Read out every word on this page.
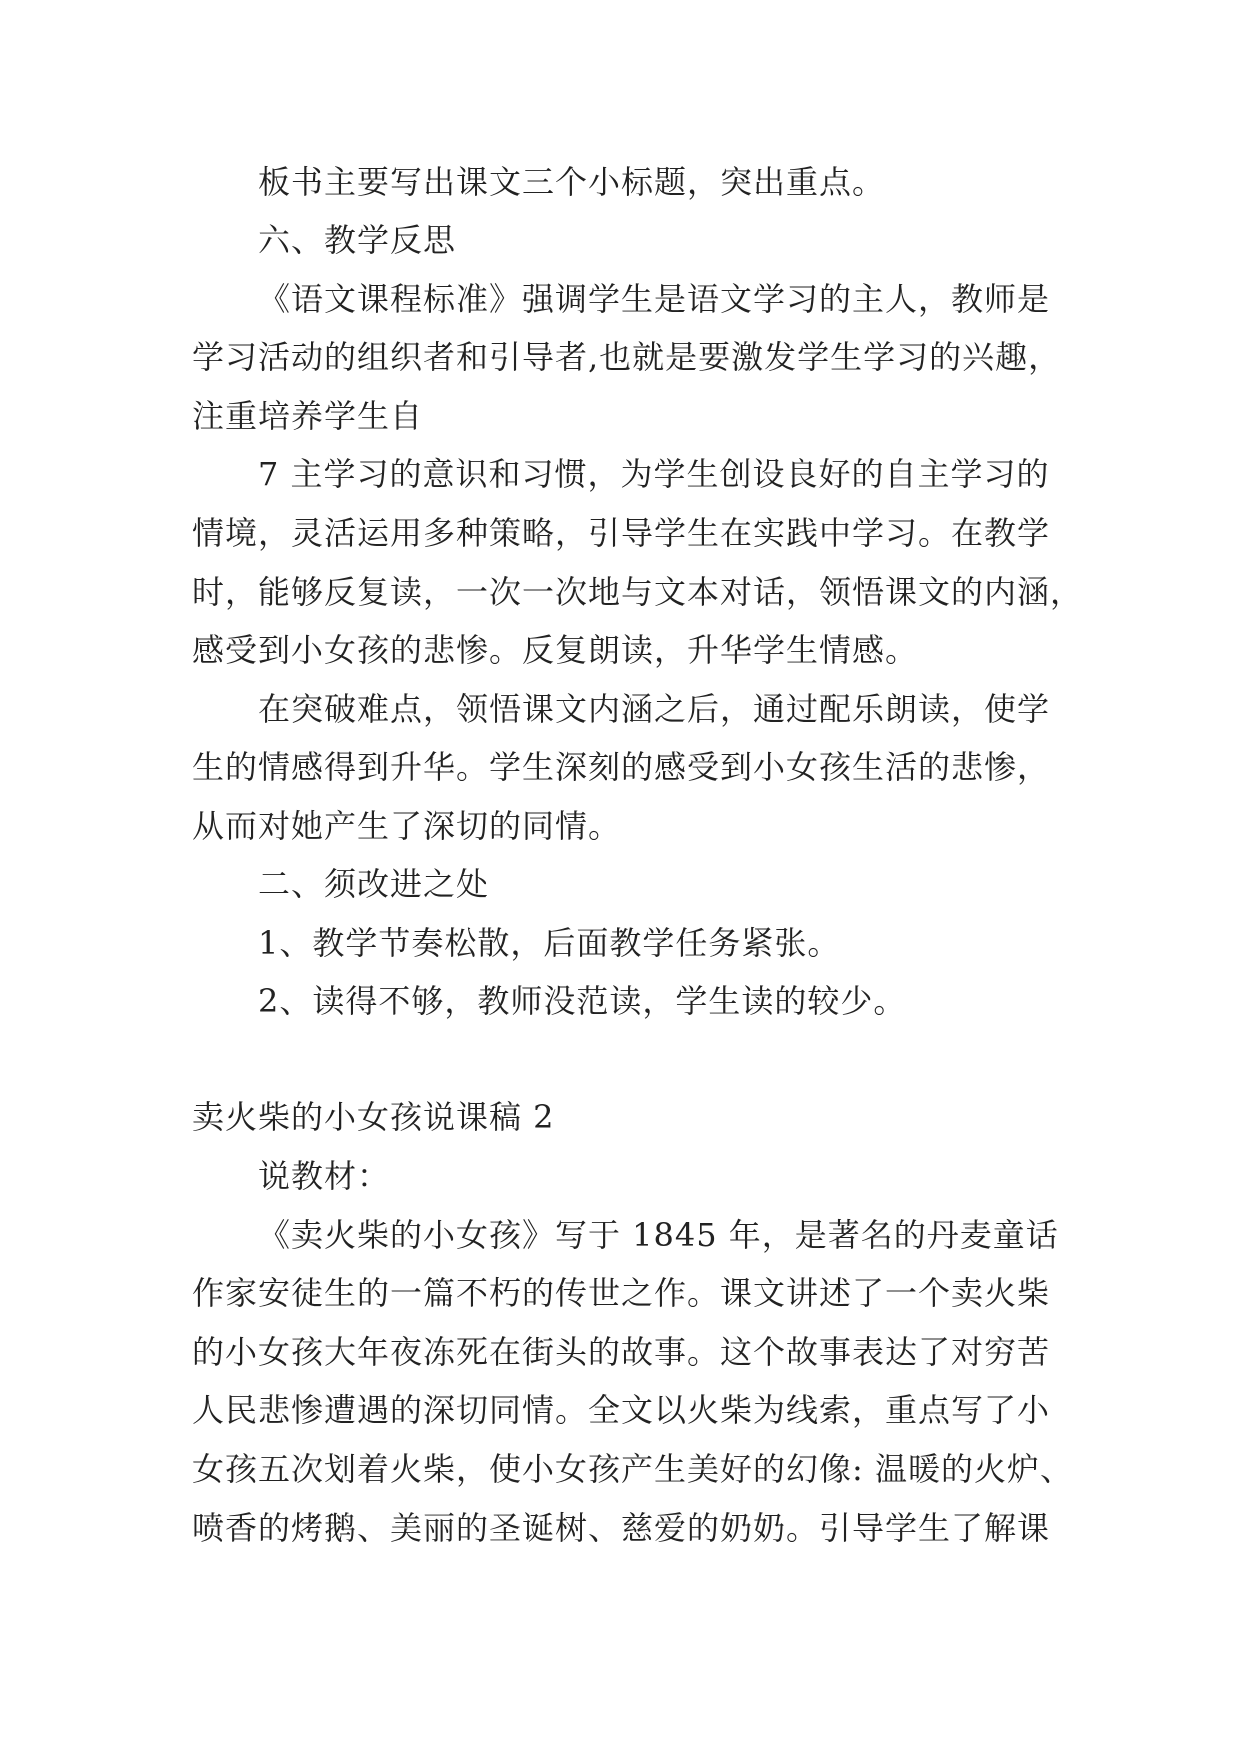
板书主要写出课文三个小标题，突出重点。
六、教学反思
《语文课程标准》强调学生是语文学习的主人，教师是
学习活动的组织者和引导者,也就是要激发学生学习的兴趣，
注重培养学生自
7 主学习的意识和习惯，为学生创设良好的自主学习的
情境，灵活运用多种策略，引导学生在实践中学习。在教学
时，能够反复读，一次一次地与文本对话，领悟课文的内涵，
感受到小女孩的悲惨。反复朗读，升华学生情感。
在突破难点，领悟课文内涵之后，通过配乐朗读，使学
生的情感得到升华。学生深刻的感受到小女孩生活的悲惨，
从而对她产生了深切的同情。
二、须改进之处
1、教学节奏松散，后面教学任务紧张。
2、读得不够，教师没范读，学生读的较少。
卖火柴的小女孩说课稿 2
说教材：
《卖火柴的小女孩》写于 1845 年，是著名的丹麦童话
作家安徒生的一篇不朽的传世之作。课文讲述了一个卖火柴
的小女孩大年夜冻死在街头的故事。这个故事表达了对穷苦
人民悲惨遭遇的深切同情。全文以火柴为线索，重点写了小
女孩五次划着火柴，使小女孩产生美好的幻像: 温暖的火炉、
喷香的烤鹅、美丽的圣诞树、慈爱的奶奶。引导学生了解课
